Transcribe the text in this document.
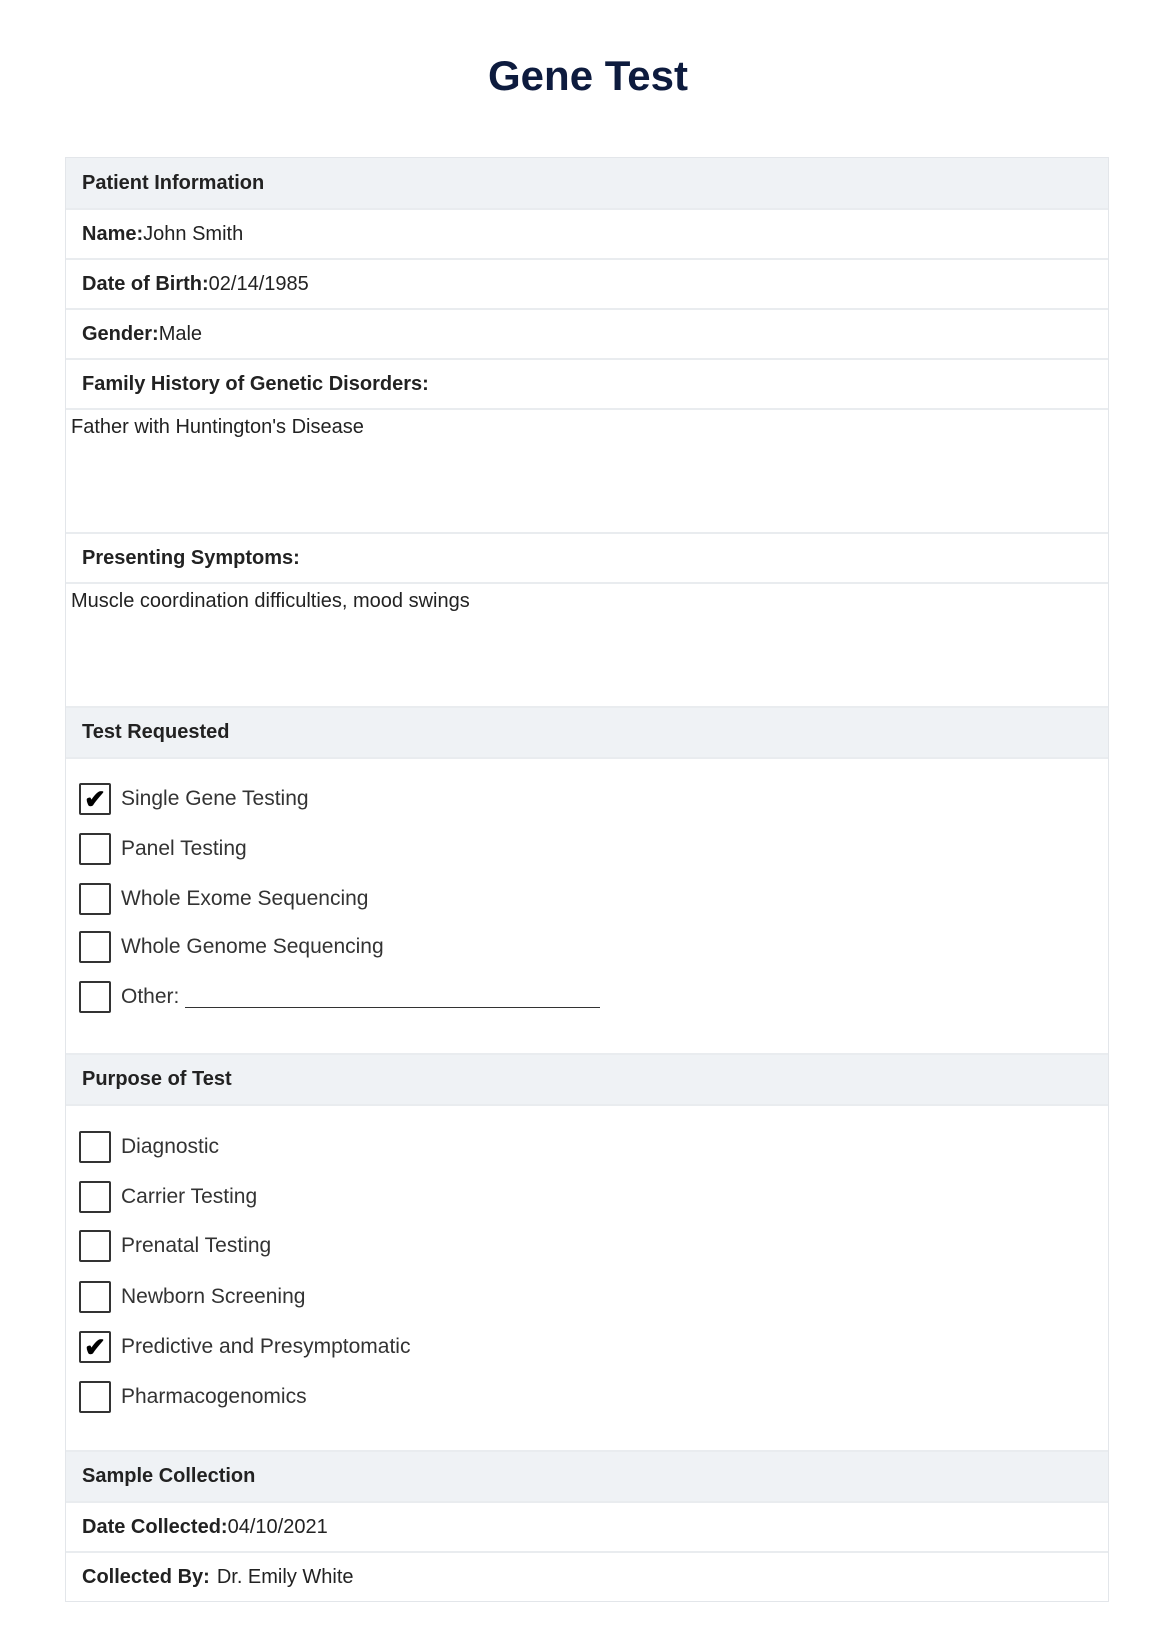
Gene Test
Patient Information
Name: John Smith
Date of Birth: 02/14/1985
Gender: Male
Family History of Genetic Disorders:
Father with Huntington's Disease
Presenting Symptoms:
Muscle coordination difficulties, mood swings
Test Requested
✔ Single Gene Testing
Panel Testing
Whole Exome Sequencing
Whole Genome Sequencing
Other:
Purpose of Test
Diagnostic
Carrier Testing
Prenatal Testing
Newborn Screening
✔ Predictive and Presymptomatic
Pharmacogenomics
Sample Collection
Date Collected: 04/10/2021
Collected By: Dr. Emily White
